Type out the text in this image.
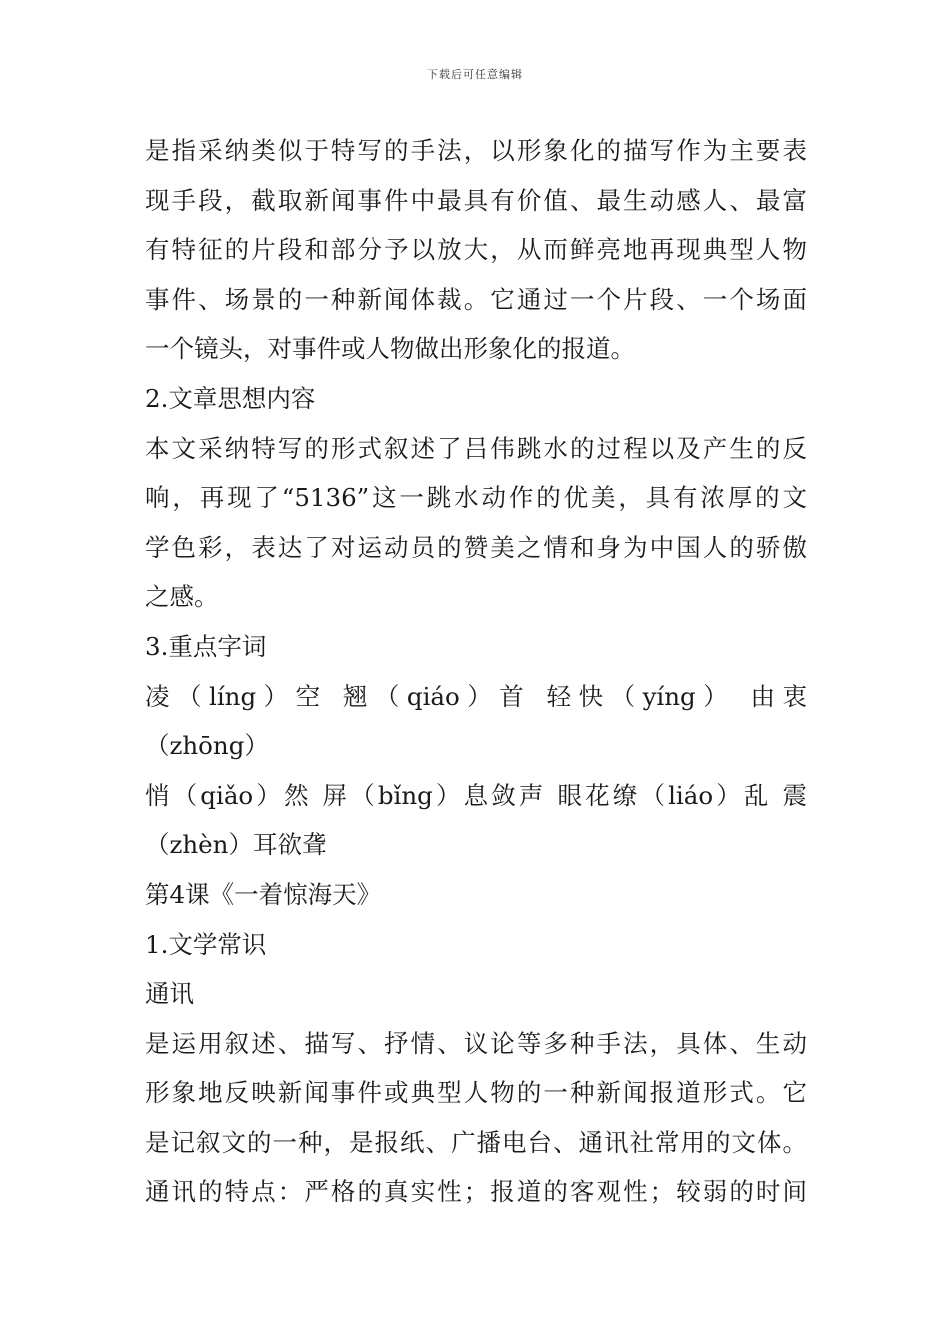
下载后可任意编辑
是指采纳类似于特写的手法，以形象化的描写作为主要表
现手段，截取新闻事件中最具有价值、最生动感人、最富
有特征的片段和部分予以放大，从而鲜亮地再现典型人物
事件、场景的一种新闻体裁。它通过一个片段、一个场面
一个镜头，对事件或人物做出形象化的报道。
2.文章思想内容
本文采纳特写的形式叙述了吕伟跳水的过程以及产生的反
响，再现了“5136”这一跳水动作的优美，具有浓厚的文
学色彩，表达了对运动员的赞美之情和身为中国人的骄傲
之感。
3.重点字词
凌（líng）空 翘（qiáo）首 轻快（yíng） 由衷
（zhōng）
悄（qiǎo）然 屏（bǐng）息敛声 眼花缭（liáo）乱 震
（zhèn）耳欲聋
第4课《一着惊海天》
1.文学常识
通讯
是运用叙述、描写、抒情、议论等多种手法，具体、生动
形象地反映新闻事件或典型人物的一种新闻报道形式。它
是记叙文的一种，是报纸、广播电台、通讯社常用的文体。
通讯的特点：严格的真实性；报道的客观性；较弱的时间
